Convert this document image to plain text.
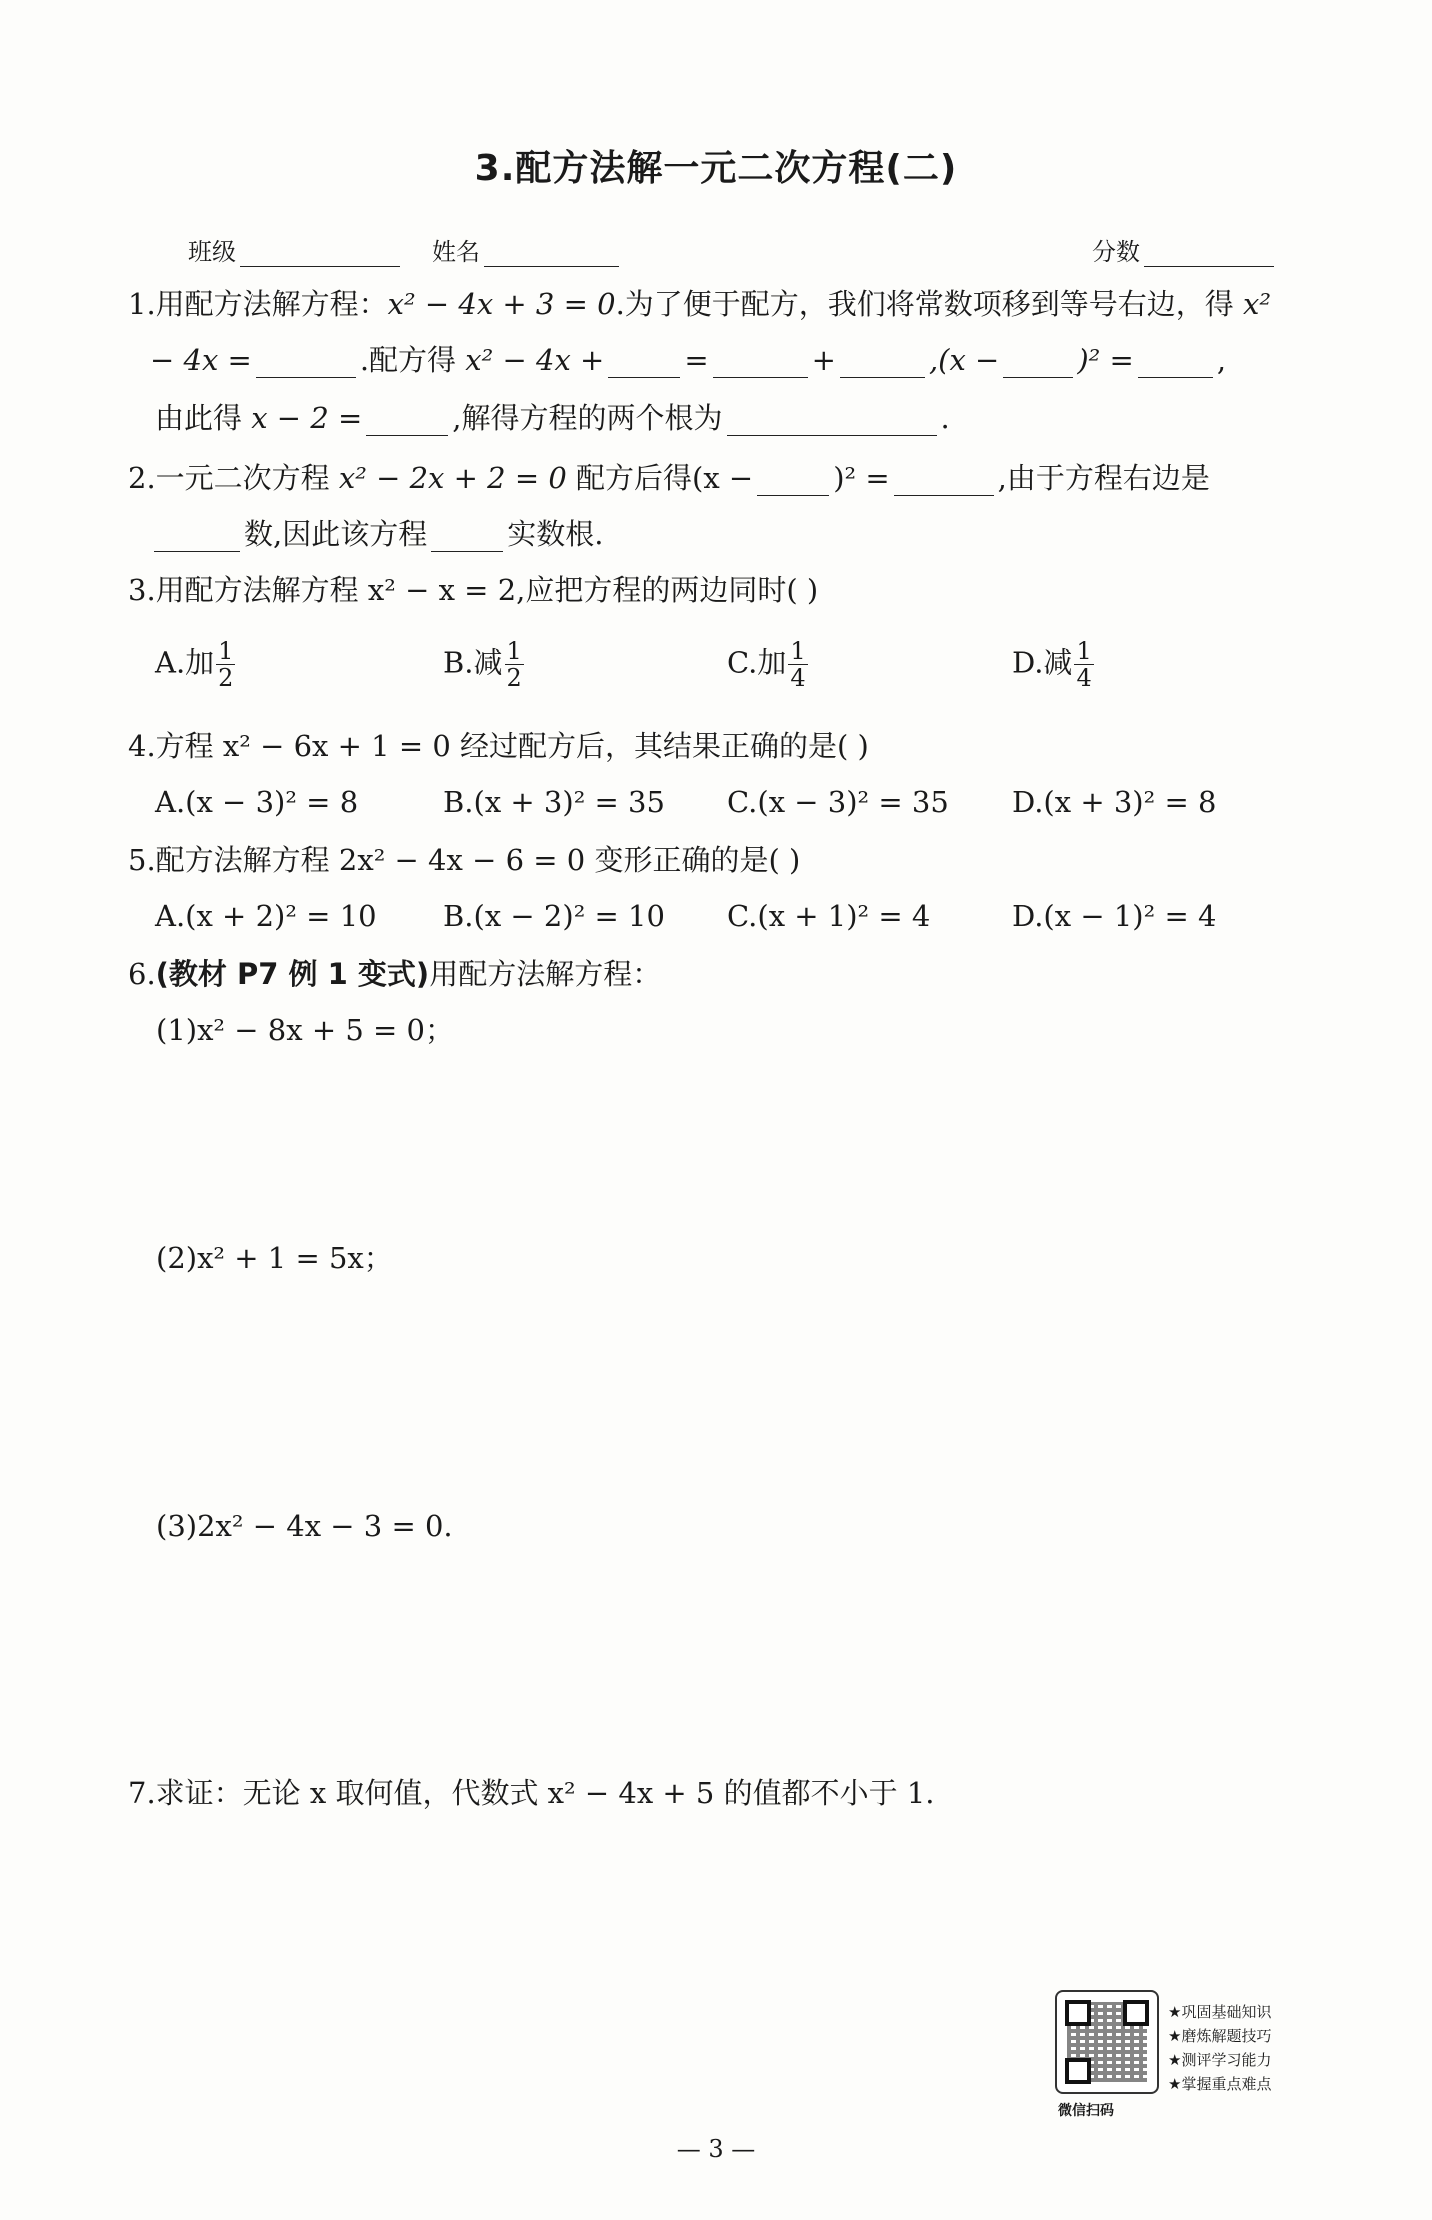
3.配方法解一元二次方程(二)
班级	姓名	分数
1.用配方法解方程：x² − 4x + 3 = 0.为了便于配方，我们将常数项移到等号右边，得 x²
− 4x =	.配方得 x² − 4x +	=	+	,(x −	)² =	,
由此得 x − 2 =	,解得方程的两个根为	.
2.一元二次方程 x² − 2x + 2 = 0 配方后得(x −	)² =	,由于方程右边是
数,因此该方程	实数根.
3.用配方法解方程 x² − x = 2,应把方程的两边同时( )
A.加 $\frac{1}{2}$	B.减 $\frac{1}{2}$	C.加 $\frac{1}{4}$	D.减 $\frac{1}{4}$
4.方程 x² − 6x + 1 = 0 经过配方后，其结果正确的是( )
A.(x − 3)² = 8	B.(x + 3)² = 35 C.(x − 3)² = 35 D.(x + 3)² = 8
5.配方法解方程 2x² − 4x − 6 = 0 变形正确的是( )
A.(x + 2)² = 10 B.(x − 2)² = 10 C.(x + 1)² = 4	D.(x − 1)² = 4
6.(教材 P7 例 1 变式)用配方法解方程：
(1)x² − 8x + 5 = 0；
(2)x² + 1 = 5x；
(3)2x² − 4x − 3 = 0.
7.求证：无论 x 取何值，代数式 x² − 4x + 5 的值都不小于 1.
★巩固基础知识
★磨炼解题技巧
★测评学习能力
★掌握重点难点
微信扫码
— 3 —
